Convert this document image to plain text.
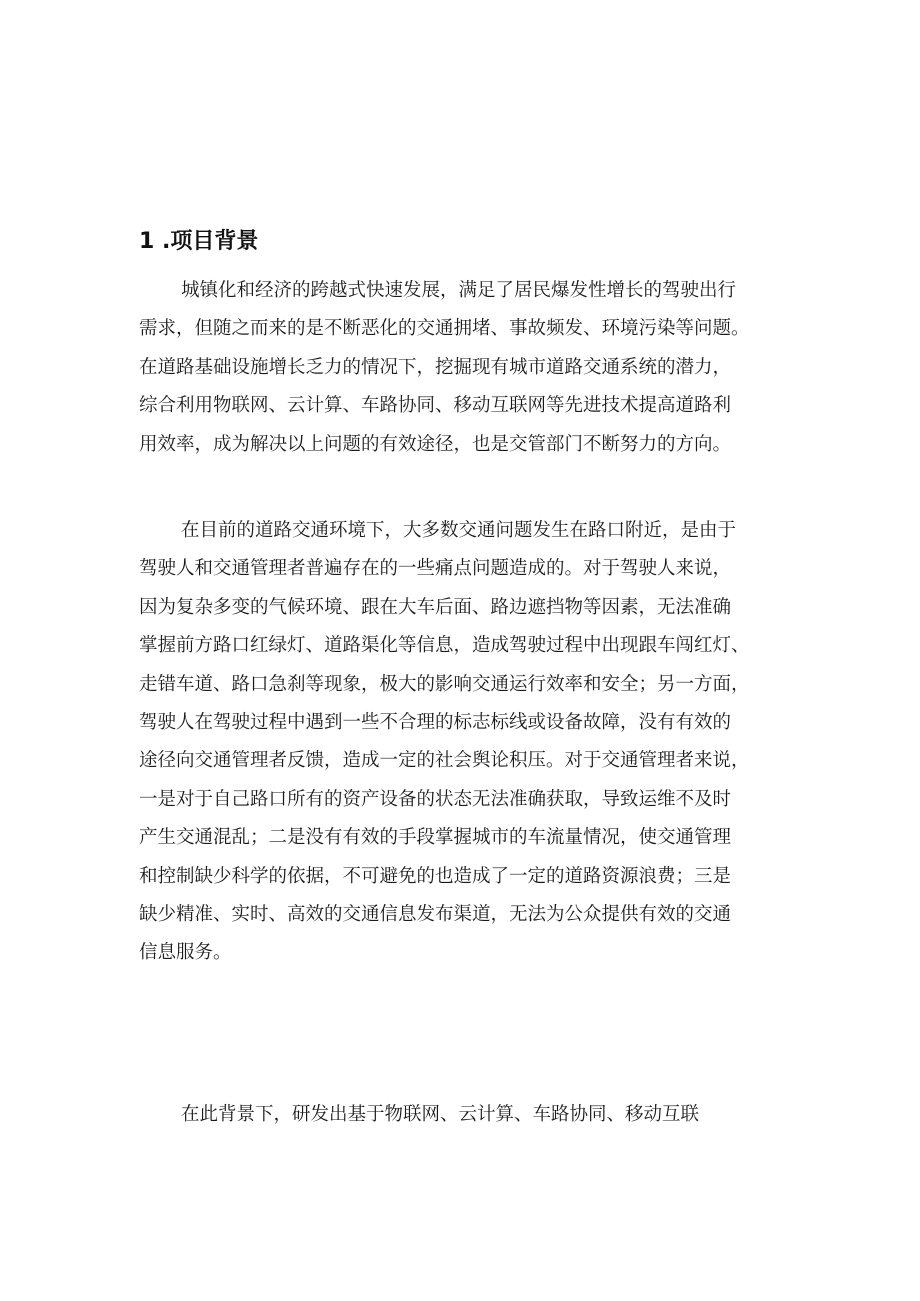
1 .项目背景
城镇化和经济的跨越式快速发展，满足了居民爆发性增长的驾驶出行
需求，但随之而来的是不断恶化的交通拥堵、事故频发、环境污染等问题。
在道路基础设施增长乏力的情况下，挖掘现有城市道路交通系统的潜力，
综合利用物联网、云计算、车路协同、移动互联网等先进技术提高道路利
用效率，成为解决以上问题的有效途径，也是交管部门不断努力的方向。
在目前的道路交通环境下，大多数交通问题发生在路口附近，是由于
驾驶人和交通管理者普遍存在的一些痛点问题造成的。对于驾驶人来说，
因为复杂多变的气候环境、跟在大车后面、路边遮挡物等因素，无法准确
掌握前方路口红绿灯、道路渠化等信息，造成驾驶过程中出现跟车闯红灯、
走错车道、路口急刹等现象，极大的影响交通运行效率和安全；另一方面，
驾驶人在驾驶过程中遇到一些不合理的标志标线或设备故障，没有有效的
途径向交通管理者反馈，造成一定的社会舆论积压。对于交通管理者来说，
一是对于自己路口所有的资产设备的状态无法准确获取，导致运维不及时
产生交通混乱；二是没有有效的手段掌握城市的车流量情况，使交通管理
和控制缺少科学的依据，不可避免的也造成了一定的道路资源浪费；三是
缺少精准、实时、高效的交通信息发布渠道，无法为公众提供有效的交通
信息服务。
在此背景下，研发出基于物联网、云计算、车路协同、移动互联
